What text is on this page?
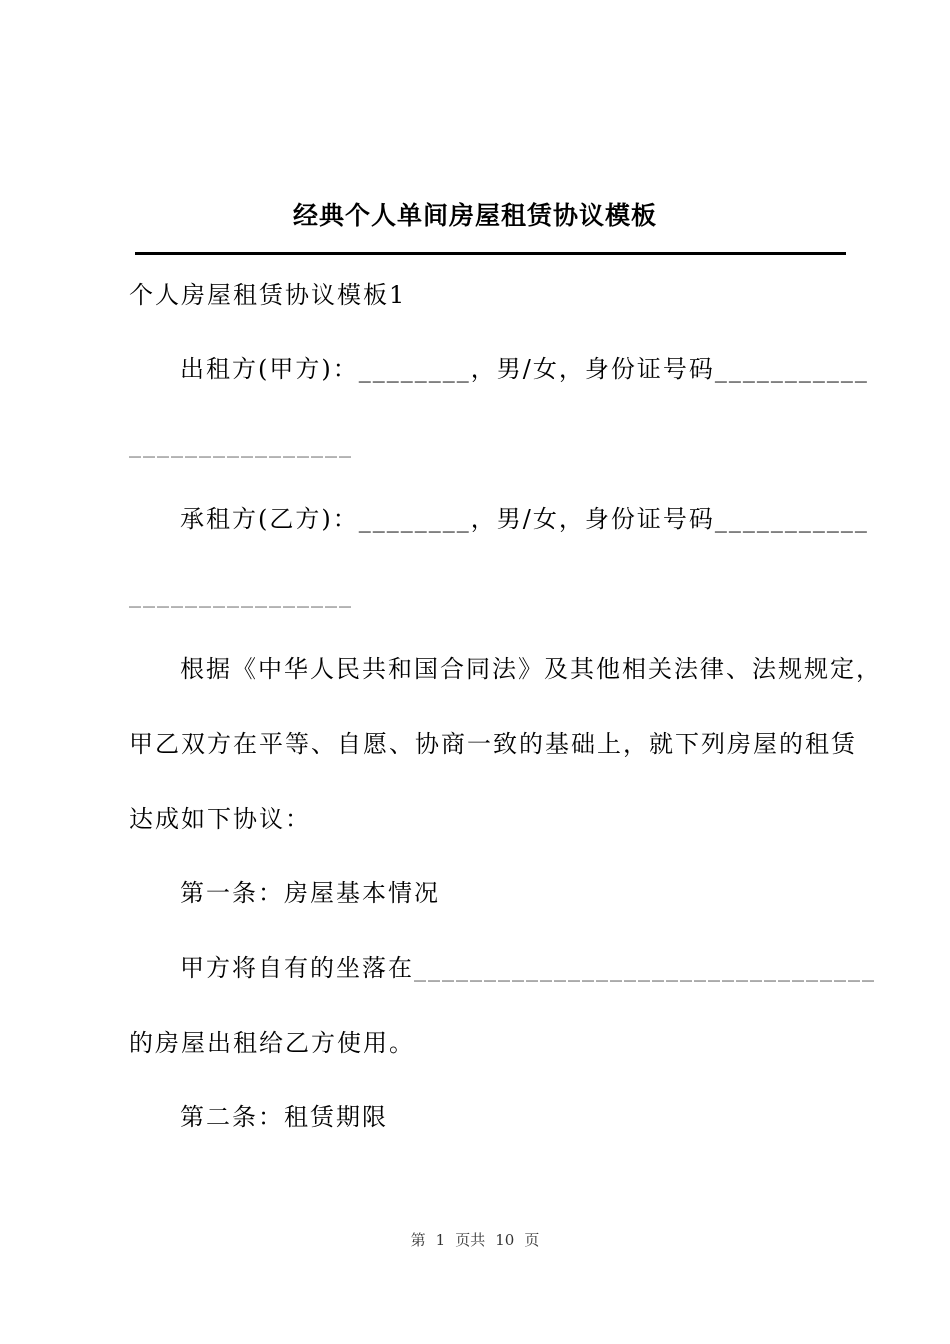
经典个人单间房屋租赁协议模板
个人房屋租赁协议模板1
出租方(甲方)：________，男/女，身份证号码___________
________________
承租方(乙方)：________，男/女，身份证号码___________
________________
根据《中华人民共和国合同法》及其他相关法律、法规规定，
甲乙双方在平等、自愿、协商一致的基础上，就下列房屋的租赁
达成如下协议：
第一条：房屋基本情况
甲方将自有的坐落在_________________________________
的房屋出租给乙方使用。
第二条：租赁期限
第 1 页共 10 页
